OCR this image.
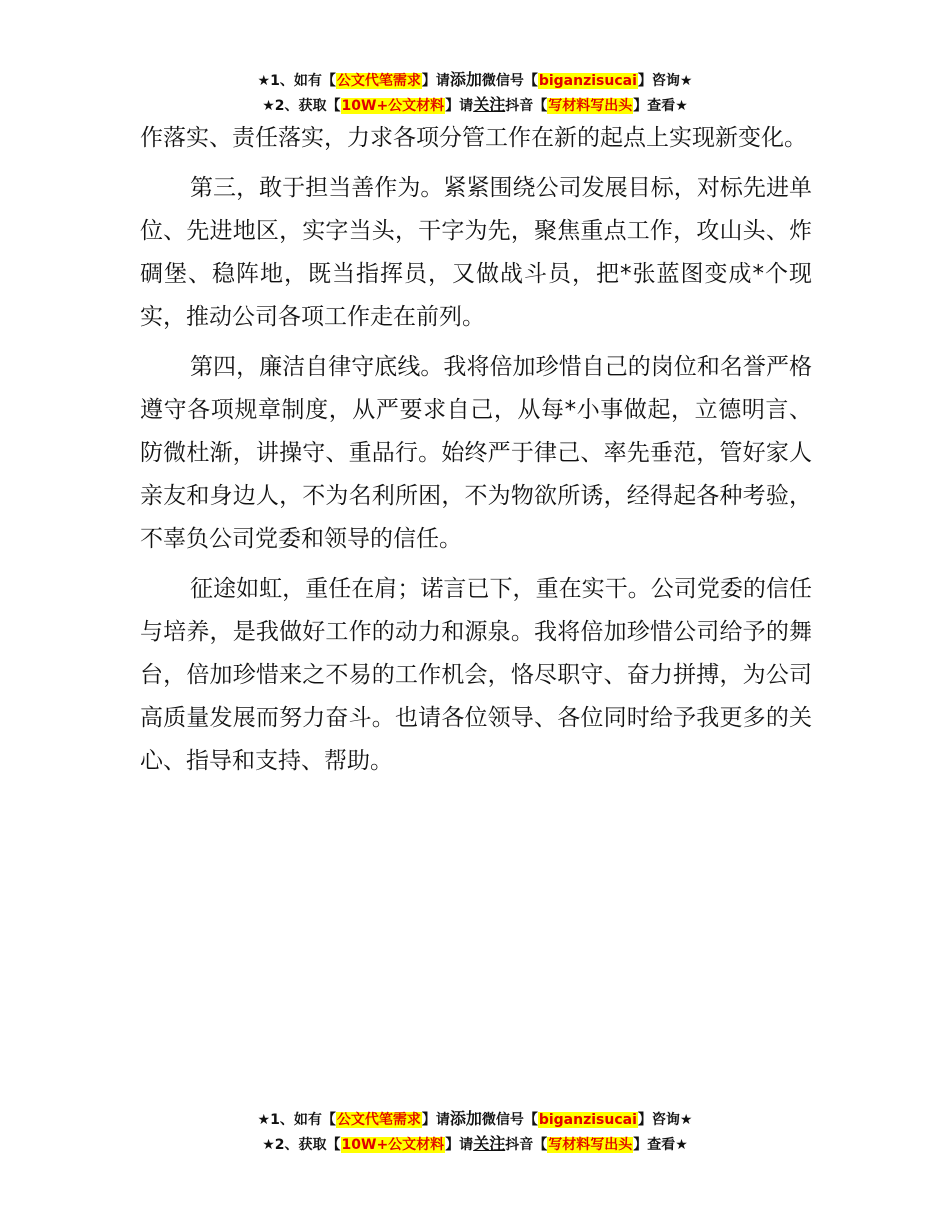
★1、如有【公文代笔需求】请添加微信号【biganzisucai】咨询★
★2、获取【10W+公文材料】请关注抖音【写材料写出头】查看★

作落实、责任落实，力求各项分管工作在新的起点上实现新变化。

第三，敢于担当善作为。紧紧围绕公司发展目标，对标先进单位、先进地区，实字当头，干字为先，聚焦重点工作，攻山头、炸碉堡、稳阵地，既当指挥员，又做战斗员，把*张蓝图变成*个现实，推动公司各项工作走在前列。

第四，廉洁自律守底线。我将倍加珍惜自己的岗位和名誉严格遵守各项规章制度，从严要求自己，从每*小事做起，立德明言、防微杜渐，讲操守、重品行。始终严于律己、率先垂范，管好家人亲友和身边人，不为名利所困，不为物欲所诱，经得起各种考验，不辜负公司党委和领导的信任。

征途如虹，重任在肩；诺言已下，重在实干。公司党委的信任与培养，是我做好工作的动力和源泉。我将倍加珍惜公司给予的舞台，倍加珍惜来之不易的工作机会，恪尽职守、奋力拼搏，为公司高质量发展而努力奋斗。也请各位领导、各位同时给予我更多的关心、指导和支持、帮助。

★1、如有【公文代笔需求】请添加微信号【biganzisucai】咨询★
★2、获取【10W+公文材料】请关注抖音【写材料写出头】查看★
